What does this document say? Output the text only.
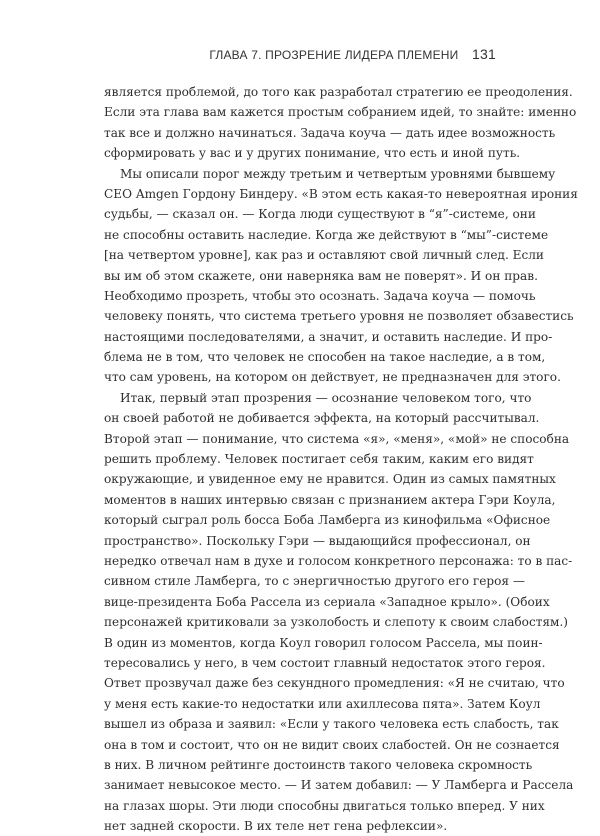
ГЛАВА 7. ПРОЗРЕНИЕ ЛИДЕРА ПЛЕМЕНИ 131
является проблемой, до того как разработал стратегию ее преодоления.
Если эта глава вам кажется простым собранием идей, то знайте: именно
так все и должно начинаться. Задача коуча — дать идее возможность
сформировать у вас и у других понимание, что есть и иной путь.
Мы описали порог между третьим и четвертым уровнями бывшему
CEO Amgen Гордону Биндеру. «В этом есть какая-то невероятная ирония
судьбы, — сказал он. — Когда люди существуют в “я”-системе, они
не способны оставить наследие. Когда же действуют в “мы”-системе
[на четвертом уровне], как раз и оставляют свой личный след. Если
вы им об этом скажете, они наверняка вам не поверят». И он прав.
Необходимо прозреть, чтобы это осознать. Задача коуча — помочь
человеку понять, что система третьего уровня не позволяет обзавестись
настоящими последователями, а значит, и оставить наследие. И про-
блема не в том, что человек не способен на такое наследие, а в том,
что сам уровень, на котором он действует, не предназначен для этого.
Итак, первый этап прозрения — осознание человеком того, что
он своей работой не добивается эффекта, на который рассчитывал.
Второй этап — понимание, что система «я», «меня», «мой» не способна
решить проблему. Человек постигает себя таким, каким его видят
окружающие, и увиденное ему не нравится. Один из самых памятных
моментов в наших интервью связан с признанием актера Гэри Коула,
который сыграл роль босса Боба Ламберга из кинофильма «Офисное
пространство». Поскольку Гэри — выдающийся профессионал, он
нередко отвечал нам в духе и голосом конкретного персонажа: то в пас-
сивном стиле Ламберга, то с энергичностью другого его героя —
вице-президента Боба Рассела из сериала «Западное крыло». (Обоих
персонажей критиковали за узколобость и слепоту к своим слабостям.)
В один из моментов, когда Коул говорил голосом Рассела, мы поин-
тересовались у него, в чем состоит главный недостаток этого героя.
Ответ прозвучал даже без секундного промедления: «Я не считаю, что
у меня есть какие-то недостатки или ахиллесова пята». Затем Коул
вышел из образа и заявил: «Если у такого человека есть слабость, так
она в том и состоит, что он не видит своих слабостей. Он не сознается
в них. В личном рейтинге достоинств такого человека скромность
занимает невысокое место. — И затем добавил: — У Ламберга и Рассела
на глазах шоры. Эти люди способны двигаться только вперед. У них
нет задней скорости. В их теле нет гена рефлексии».
